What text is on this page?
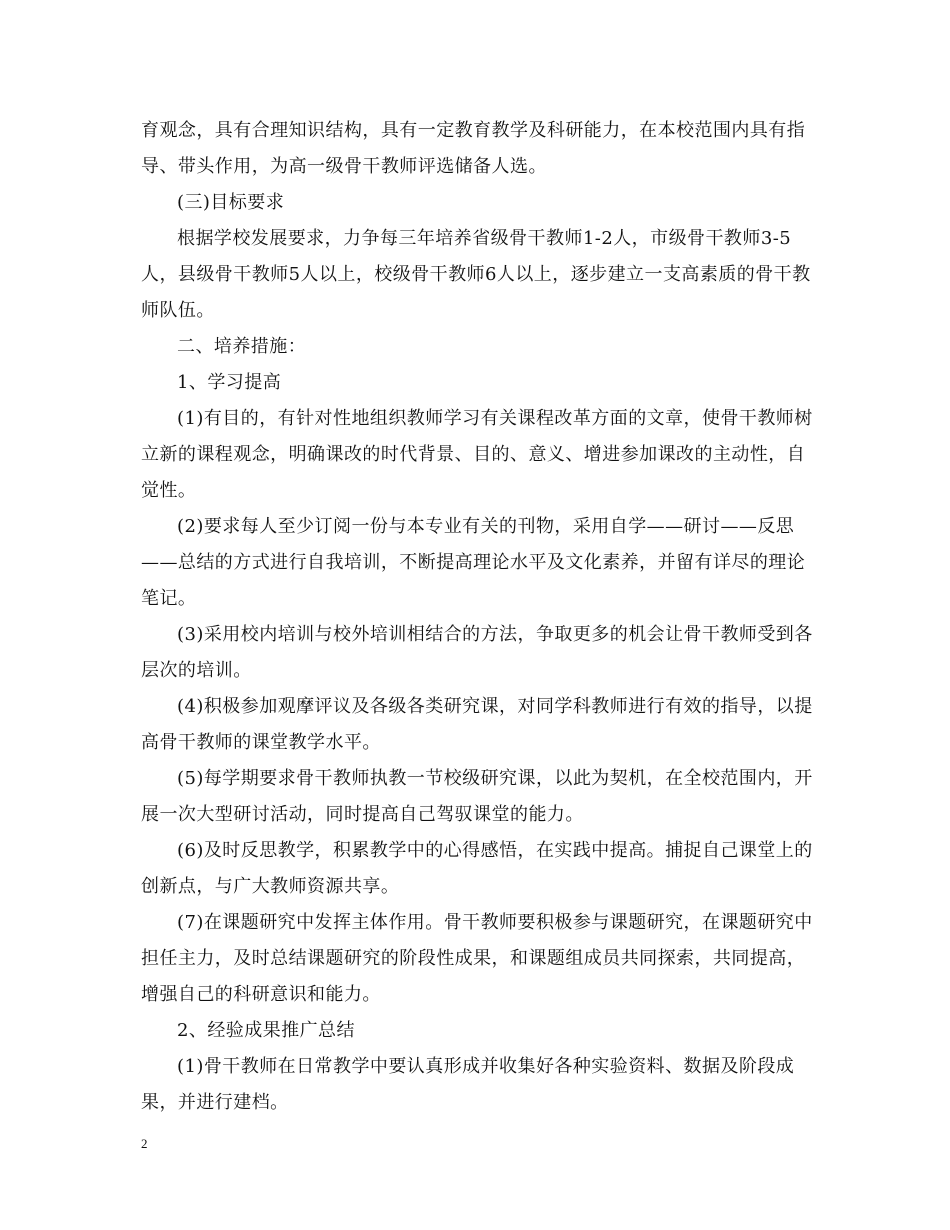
育观念，具有合理知识结构，具有一定教育教学及科研能力，在本校范围内具有指导、带头作用，为高一级骨干教师评选储备人选。

(三)目标要求

根据学校发展要求，力争每三年培养省级骨干教师1-2人，市级骨干教师3-5人，县级骨干教师5人以上，校级骨干教师6人以上，逐步建立一支高素质的骨干教师队伍。

二、培养措施：

1、学习提高

(1)有目的，有针对性地组织教师学习有关课程改革方面的文章，使骨干教师树立新的课程观念，明确课改的时代背景、目的、意义、增进参加课改的主动性，自觉性。

(2)要求每人至少订阅一份与本专业有关的刊物，采用自学——研讨——反思——总结的方式进行自我培训，不断提高理论水平及文化素养，并留有详尽的理论笔记。

(3)采用校内培训与校外培训相结合的方法，争取更多的机会让骨干教师受到各层次的培训。

(4)积极参加观摩评议及各级各类研究课，对同学科教师进行有效的指导，以提高骨干教师的课堂教学水平。

(5)每学期要求骨干教师执教一节校级研究课，以此为契机，在全校范围内，开展一次大型研讨活动，同时提高自己驾驭课堂的能力。

(6)及时反思教学，积累教学中的心得感悟，在实践中提高。捕捉自己课堂上的创新点，与广大教师资源共享。

(7)在课题研究中发挥主体作用。骨干教师要积极参与课题研究，在课题研究中担任主力，及时总结课题研究的阶段性成果，和课题组成员共同探索，共同提高，增强自己的科研意识和能力。

2、经验成果推广总结

(1)骨干教师在日常教学中要认真形成并收集好各种实验资料、数据及阶段成果，并进行建档。

2
